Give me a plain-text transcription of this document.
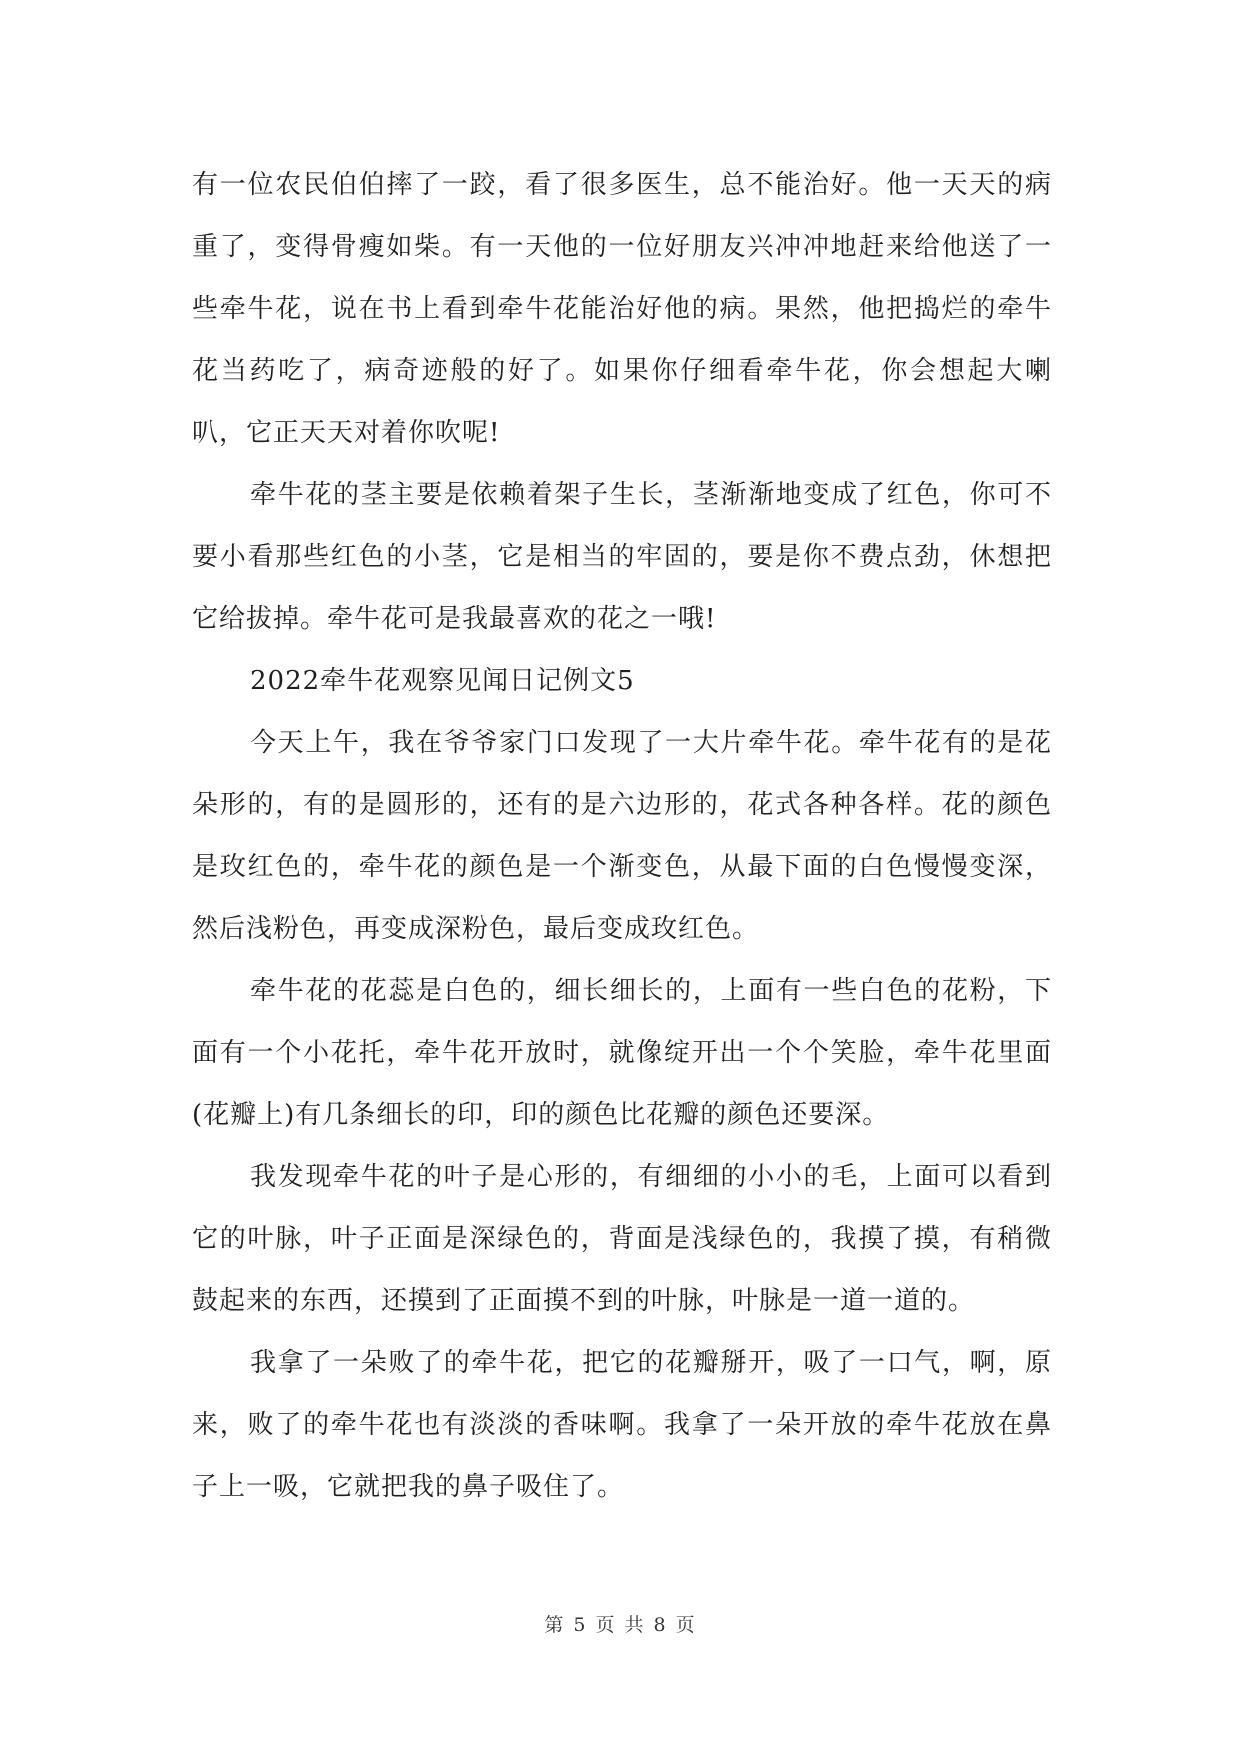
有一位农民伯伯摔了一跤，看了很多医生，总不能治好。他一天天的病重了，变得骨瘦如柴。有一天他的一位好朋友兴冲冲地赶来给他送了一些牵牛花，说在书上看到牵牛花能治好他的病。果然，他把捣烂的牵牛花当药吃了，病奇迹般的好了。如果你仔细看牵牛花，你会想起大喇叭，它正天天对着你吹呢!

牵牛花的茎主要是依赖着架子生长，茎渐渐地变成了红色，你可不要小看那些红色的小茎，它是相当的牢固的，要是你不费点劲，休想把它给拔掉。牵牛花可是我最喜欢的花之一哦!

2022牵牛花观察见闻日记例文5

今天上午，我在爷爷家门口发现了一大片牵牛花。牵牛花有的是花朵形的，有的是圆形的，还有的是六边形的，花式各种各样。花的颜色是玫红色的，牵牛花的颜色是一个渐变色，从最下面的白色慢慢变深，然后浅粉色，再变成深粉色，最后变成玫红色。

牵牛花的花蕊是白色的，细长细长的，上面有一些白色的花粉，下面有一个小花托，牵牛花开放时，就像绽开出一个个笑脸，牵牛花里面(花瓣上)有几条细长的印，印的颜色比花瓣的颜色还要深。

我发现牵牛花的叶子是心形的，有细细的小小的毛，上面可以看到它的叶脉，叶子正面是深绿色的，背面是浅绿色的，我摸了摸，有稍微鼓起来的东西，还摸到了正面摸不到的叶脉，叶脉是一道一道的。

我拿了一朵败了的牵牛花，把它的花瓣掰开，吸了一口气，啊，原来，败了的牵牛花也有淡淡的香味啊。我拿了一朵开放的牵牛花放在鼻子上一吸，它就把我的鼻子吸住了。

第 5 页 共 8 页
